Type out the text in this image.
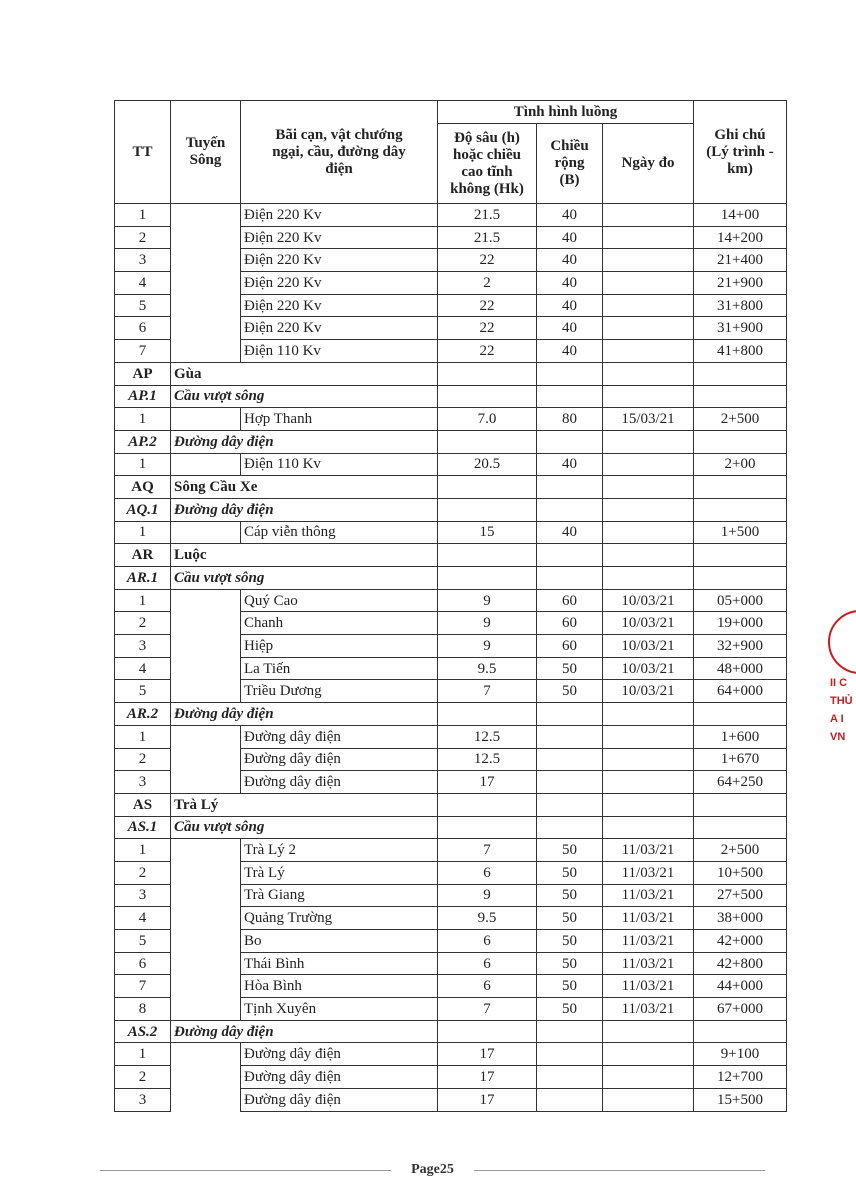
TT	Tuyến Sông	Bãi cạn, vật chướng ngại, cầu, đường dây điện	Tình hình luồng			Ghi chú (Lý trình - km)
			Độ sâu (h) hoặc chiều cao tĩnh không (Hk)	Chiều rộng (B)	Ngày đo	
1		Điện 220 Kv	21.5	40		14+00
2		Điện 220 Kv	21.5	40		14+200
3		Điện 220 Kv	22	40		21+400
4		Điện 220 Kv	2	40		21+900
5		Điện 220 Kv	22	40		31+800
6		Điện 220 Kv	22	40		31+900
7		Điện 110 Kv	22	40		41+800
AP	Gùa					
AP.1	Cầu vượt sông					
1		Hợp Thanh	7.0	80	15/03/21	2+500
AP.2	Đường dây điện					
1		Điện 110 Kv	20.5	40		2+00
AQ	Sông Cầu Xe					
AQ.1	Đường dây điện					
1		Cáp viễn thông	15	40		1+500
AR	Luộc					
AR.1	Cầu vượt sông					
1		Quý Cao	9	60	10/03/21	05+000
2		Chanh	9	60	10/03/21	19+000
3		Hiệp	9	60	10/03/21	32+900
4		La Tiến	9.5	50	10/03/21	48+000
5		Triều Dương	7	50	10/03/21	64+000
AR.2	Đường dây điện					
1		Đường dây điện	12.5			1+600
2		Đường dây điện	12.5			1+670
3		Đường dây điện	17			64+250
AS	Trà Lý					
AS.1	Cầu vượt sông					
1		Trà Lý 2	7	50	11/03/21	2+500
2		Trà Lý	6	50	11/03/21	10+500
3		Trà Giang	9	50	11/03/21	27+500
4		Quảng Trường	9.5	50	11/03/21	38+000
5		Bo	6	50	11/03/21	42+000
6		Thái Bình	6	50	11/03/21	42+800
7		Hòa Bình	6	50	11/03/21	44+000
8		Tịnh Xuyên	7	50	11/03/21	67+000
AS.2	Đường dây điện					
1		Đường dây điện	17			9+100
2		Đường dây điện	17			12+700
3		Đường dây điện	17			15+500
Page25
II C
THỦ
A I
VN
